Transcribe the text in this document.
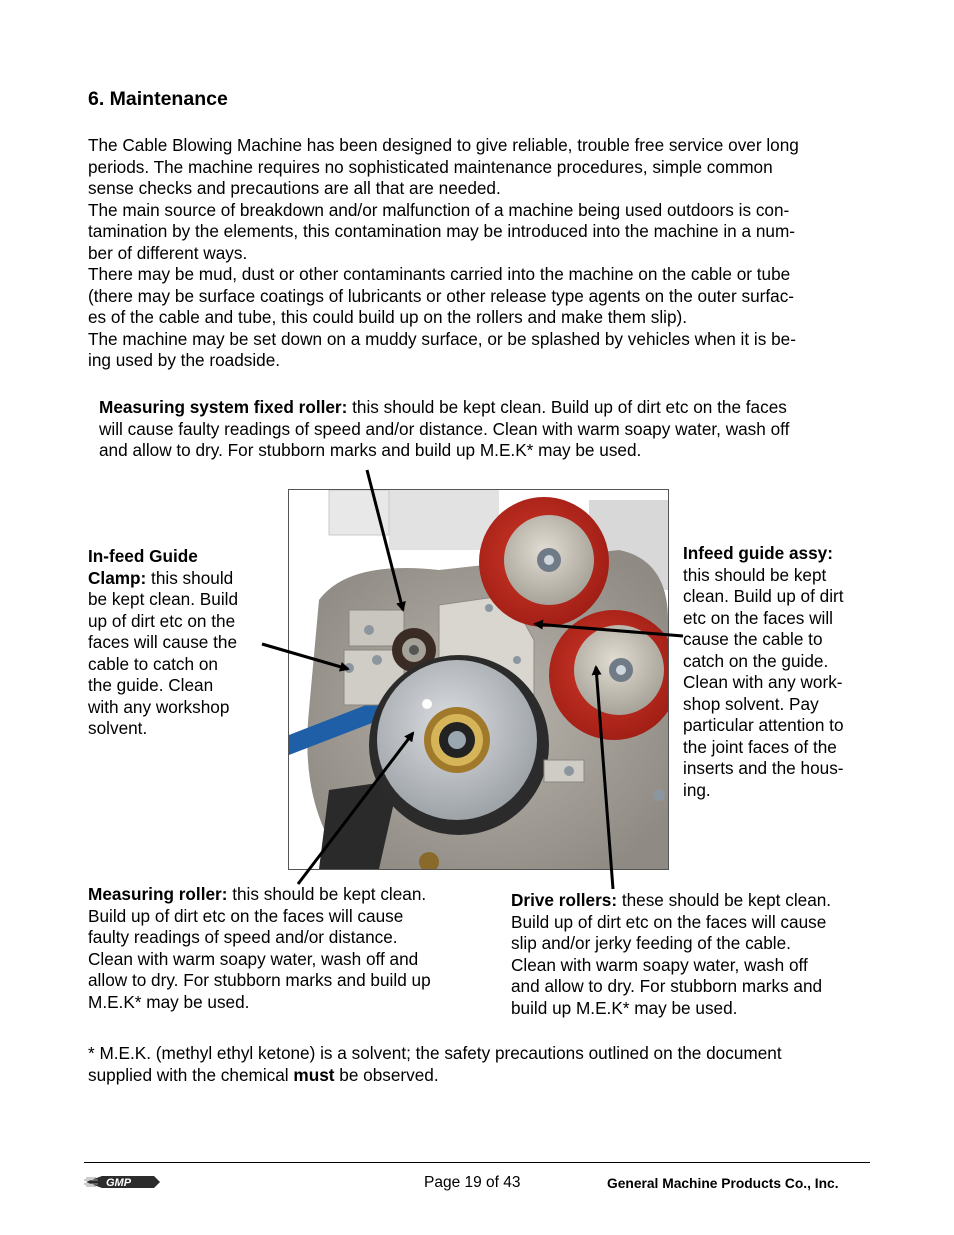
6. Maintenance
The Cable Blowing Machine has been designed to give reliable, trouble free service over long
periods. The machine requires no sophisticated maintenance procedures, simple common
sense checks and precautions are all that are needed.
The main source of breakdown and/or malfunction of a machine being used outdoors is con-
tamination by the elements, this contamination may be introduced into the machine in a num-
ber of different ways.
There may be mud, dust or other contaminants carried into the machine on the cable or tube
(there may be surface coatings of lubricants or other release type agents on the outer surfac-
es of the cable and tube, this could build up on the rollers and make them slip).
The machine may be set down on a muddy surface, or be splashed by vehicles when it is be-
ing used by the roadside.
Measuring system fixed roller: this should be kept clean. Build up of dirt etc on the faces
will cause faulty readings of speed and/or distance. Clean with warm soapy water, wash off
and allow to dry. For stubborn marks and build up M.E.K* may be used.
In-feed Guide
Clamp: this should
be kept clean. Build
up of dirt etc on the
faces will cause the
cable to catch on
the guide. Clean
with any workshop
solvent.
Infeed guide assy:
this should be kept
clean. Build up of dirt
etc on the faces will
cause the cable to
catch on the guide.
Clean with any work-
shop solvent. Pay
particular attention to
the joint faces of the
inserts and the hous-
ing.
Measuring roller: this should be kept clean.
Build up of dirt etc on the faces will cause
faulty readings of speed and/or distance.
Clean with warm soapy water, wash off and
allow to dry. For stubborn marks and build up
M.E.K* may be used.
Drive rollers: these should be kept clean.
Build up of dirt etc on the faces will cause
slip and/or jerky feeding of the cable.
Clean with warm soapy water, wash off
and allow to dry. For stubborn marks and
build up M.E.K* may be used.
* M.E.K. (methyl ethyl ketone) is a solvent; the safety precautions outlined on the document
supplied with the chemical must be observed.
GMP	Page 19 of 43	General Machine Products Co., Inc.
